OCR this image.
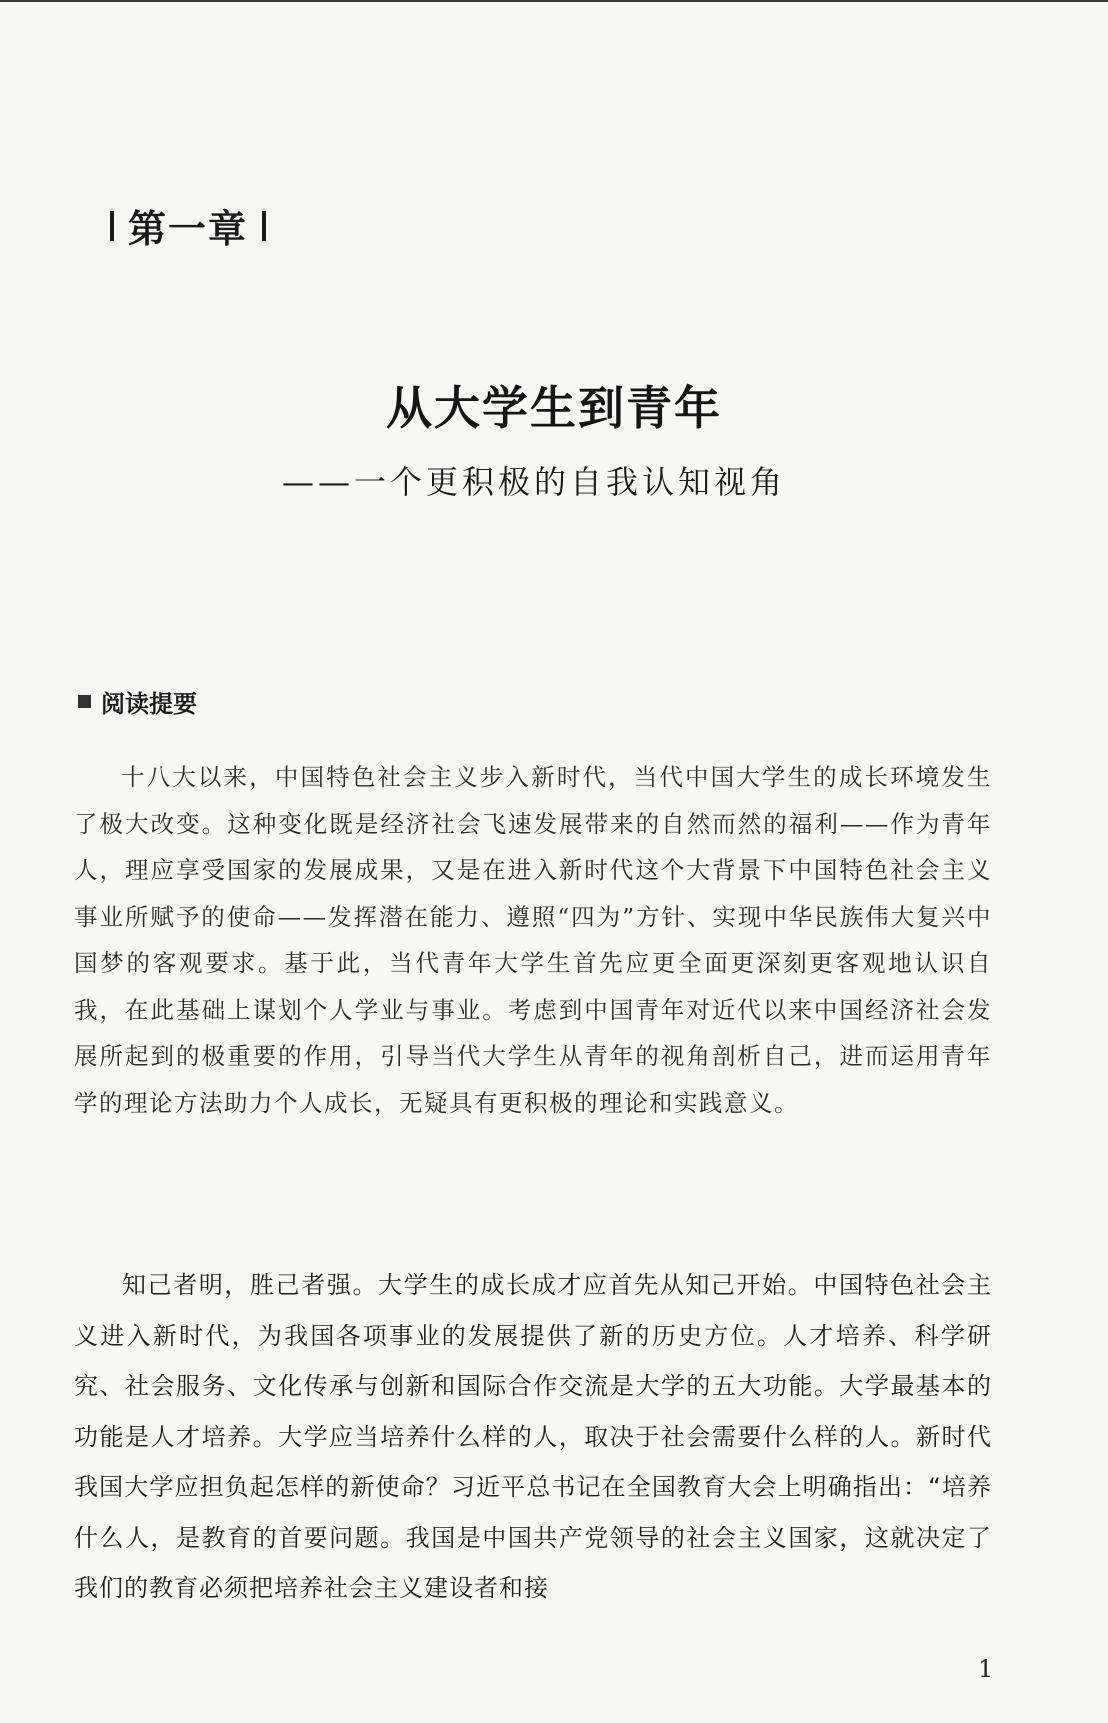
第一章
从大学生到青年
——一个更积极的自我认知视角
阅读提要

十八大以来，中国特色社会主义步入新时代，当代中国大学生的成长环境发生了极大改变。这种变化既是经济社会飞速发展带来的自然而然的福利——作为青年人，理应享受国家的发展成果，又是在进入新时代这个大背景下中国特色社会主义事业所赋予的使命——发挥潜在能力、遵照“四为”方针、实现中华民族伟大复兴中国梦的客观要求。基于此，当代青年大学生首先应更全面更深刻更客观地认识自我，在此基础上谋划个人学业与事业。考虑到中国青年对近代以来中国经济社会发展所起到的极重要的作用，引导当代大学生从青年的视角剖析自己，进而运用青年学的理论方法助力个人成长，无疑具有更积极的理论和实践意义。

知己者明，胜己者强。大学生的成长成才应首先从知己开始。中国特色社会主义进入新时代，为我国各项事业的发展提供了新的历史方位。人才培养、科学研究、社会服务、文化传承与创新和国际合作交流是大学的五大功能。大学最基本的功能是人才培养。大学应当培养什么样的人，取决于社会需要什么样的人。新时代我国大学应担负起怎样的新使命？习近平总书记在全国教育大会上明确指出：“培养什么人，是教育的首要问题。我国是中国共产党领导的社会主义国家，这就决定了我们的教育必须把培养社会主义建设者和接

1
